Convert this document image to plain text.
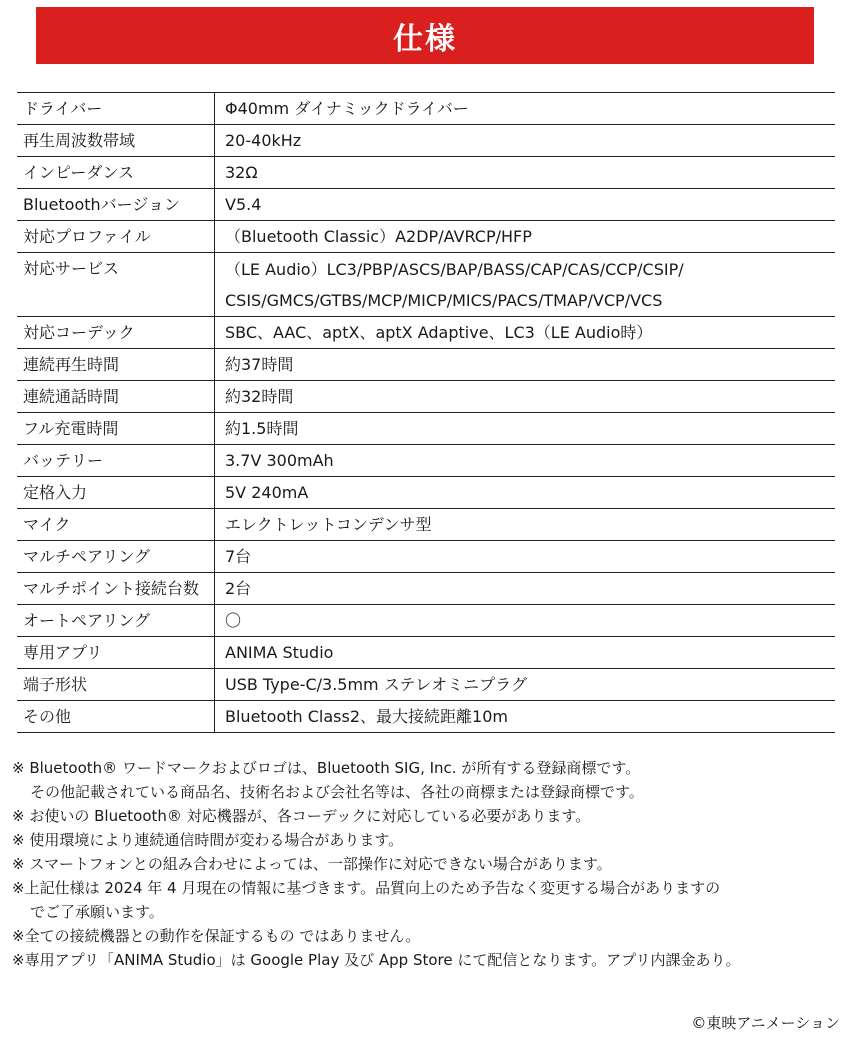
仕様
ドライバー	Φ40mm ダイナミックドライバー
再生周波数帯域	20-40kHz
インピーダンス	32Ω
Bluetoothバージョン	V5.4
対応プロファイル	（Bluetooth Classic）A2DP/AVRCP/HFP
対応サービス	（LE Audio）LC3/PBP/ASCS/BAP/BASS/CAP/CAS/CCP/CSIP/
CSIS/GMCS/GTBS/MCP/MICP/MICS/PACS/TMAP/VCP/VCS

対応コーデック	SBC、AAC、aptX、aptX Adaptive、LC3（LE Audio時）
連続再生時間	約37時間
連続通話時間	約32時間
フル充電時間	約1.5時間
バッテリー	3.7V 300mAh
定格入力	5V 240mA
マイク	エレクトレットコンデンサ型
マルチペアリング	7台
マルチポイント接続台数	2台
オートペアリング	〇
専用アプリ	ANIMA Studio
端子形状	USB Type-C/3.5mm ステレオミニプラグ
その他	Bluetooth Class2、最大接続距離10m
※ Bluetooth® ワードマークおよびロゴは、Bluetooth SIG, Inc. が所有する登録商標です。
その他記載されている商品名、技術名および会社名等は、各社の商標または登録商標です。
※ お使いの Bluetooth® 対応機器が、各コーデックに対応している必要があります。
※ 使用環境により連続通信時間が変わる場合があります。
※ スマートフォンとの組み合わせによっては、一部操作に対応できない場合があります。
※上記仕様は 2024 年 4 月現在の情報に基づきます。品質向上のため予告なく変更する場合がありますの
でご了承願います。
※全ての接続機器との動作を保証するもの ではありません。
※専用アプリ「ANIMA Studio」は Google Play 及び App Store にて配信となります。アプリ内課金あり。
©東映アニメーション
